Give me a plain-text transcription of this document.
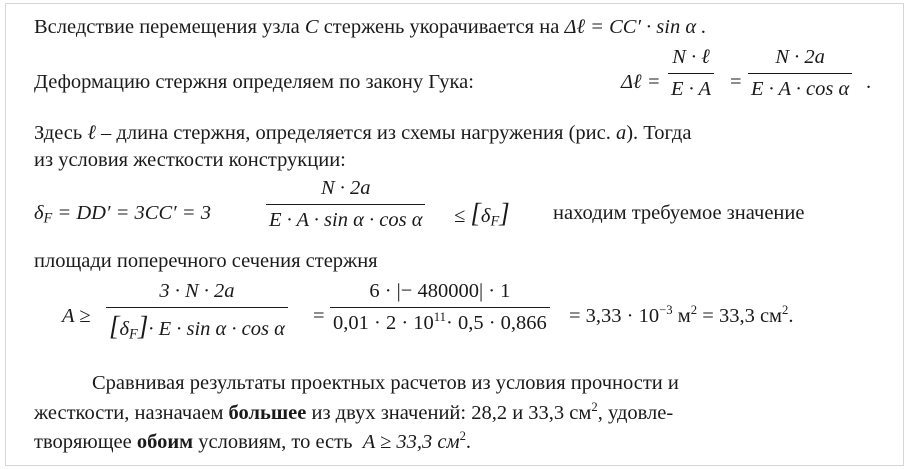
Вследствие перемещения узла C стержень укорачивается на Δℓ = CC′ · sin α .
Деформацию стержня определяем по закону Гука:	Δℓ =
N · ℓ
$E \cdot A = \frac{N \cdot 2a}{\text{E · A · cos α}}$ .
Здесь ℓ – длина стержня, определяется из схемы нагружения (рис. a). Тогда
из условия жесткости конструкции:
$\delta_F = DD' = 3CC' = 3$	$\frac{N \cdot 2a}{\text{E · A · sin α · cos α}} \le [\delta_F]$ находим требуемое значение
площади поперечного сечения стержня
$A \ge \frac{3 \cdot N \cdot 2a}{[\delta_F]\cdot E \cdot \sin \alpha \cdot \cos \alpha} = \frac{6 \cdot |- 480000| \cdot 1}{0,01 \cdot 2 \cdot 10^{11}\cdot 0,5 \cdot 0,866} = 3,33 \cdot 10^{-3}$ $м^2 = 33,3$ $см^2$.
Сравнивая результаты проектных расчетов из условия прочности и
жесткости, назначаем большее из двух значений: 28,2 и 33,3 $см^2$, удовле-
творяющее обоим условиям, то есть A ≥ 33,3 $см^2$.
